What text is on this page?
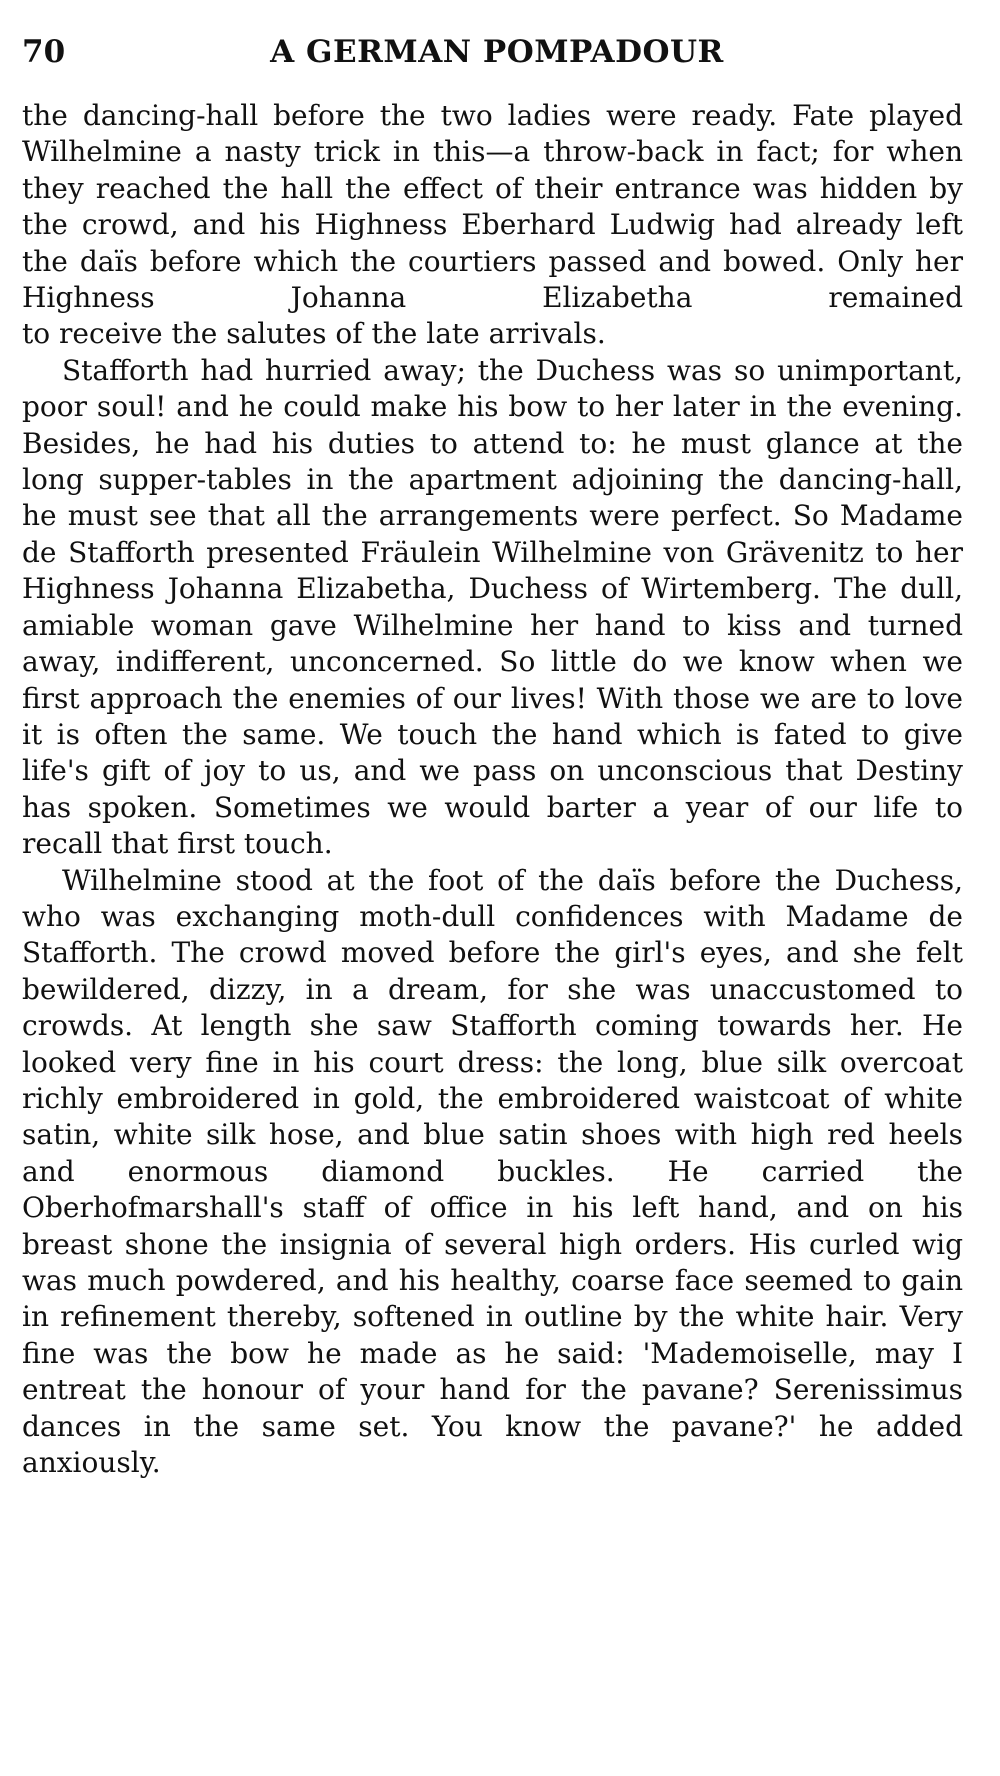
70	A GERMAN POMPADOUR

the dancing-hall before the two ladies were ready. Fate played Wilhelmine a nasty trick in this—a throw-back in fact; for when they reached the hall the effect of their entrance was hidden by the crowd, and his Highness Eberhard Ludwig had already left the daïs before which the courtiers passed and bowed. Only her Highness Johanna Elizabetha remained

to receive the salutes of the late arrivals.

Stafforth had hurried away; the Duchess was so unimportant, poor soul! and he could make his bow to her later in the evening. Besides, he had his duties to attend to: he must glance at the long supper-tables in the apartment adjoining the dancing-hall, he must see that all the arrangements were perfect. So Madame de Stafforth presented Fräulein Wilhelmine von Grävenitz to her Highness Johanna Elizabetha, Duchess of Wirtemberg. The dull, amiable woman gave Wilhelmine her hand to kiss and turned away, indifferent, unconcerned. So little do we know when we first approach the enemies of our lives! With those we are to love it is often the same. We touch the hand which is fated to give life's gift of joy to us, and we pass on unconscious that Destiny has spoken. Sometimes we would barter a year of our life to

recall that first touch.

Wilhelmine stood at the foot of the daïs before the Duchess, who was exchanging moth-dull confidences with Madame de Stafforth. The crowd moved before the girl's eyes, and she felt bewildered, dizzy, in a dream, for she was unaccustomed to crowds. At length she saw Stafforth coming towards her. He looked very fine in his court dress: the long, blue silk overcoat richly embroidered in gold, the embroidered waistcoat of white satin, white silk hose, and blue satin shoes with high red heels and enormous diamond buckles. He carried the Oberhofmarshall's staff of office in his left hand, and on his breast shone the insignia of several high orders. His curled wig was much powdered, and his healthy, coarse face seemed to gain in refinement thereby, softened in outline by the white hair. Very fine was the bow he made as he said: 'Mademoiselle, may I entreat the honour of your hand for the pavane? Serenissimus dances in the same set. You know the pavane?' he added anxiously.
